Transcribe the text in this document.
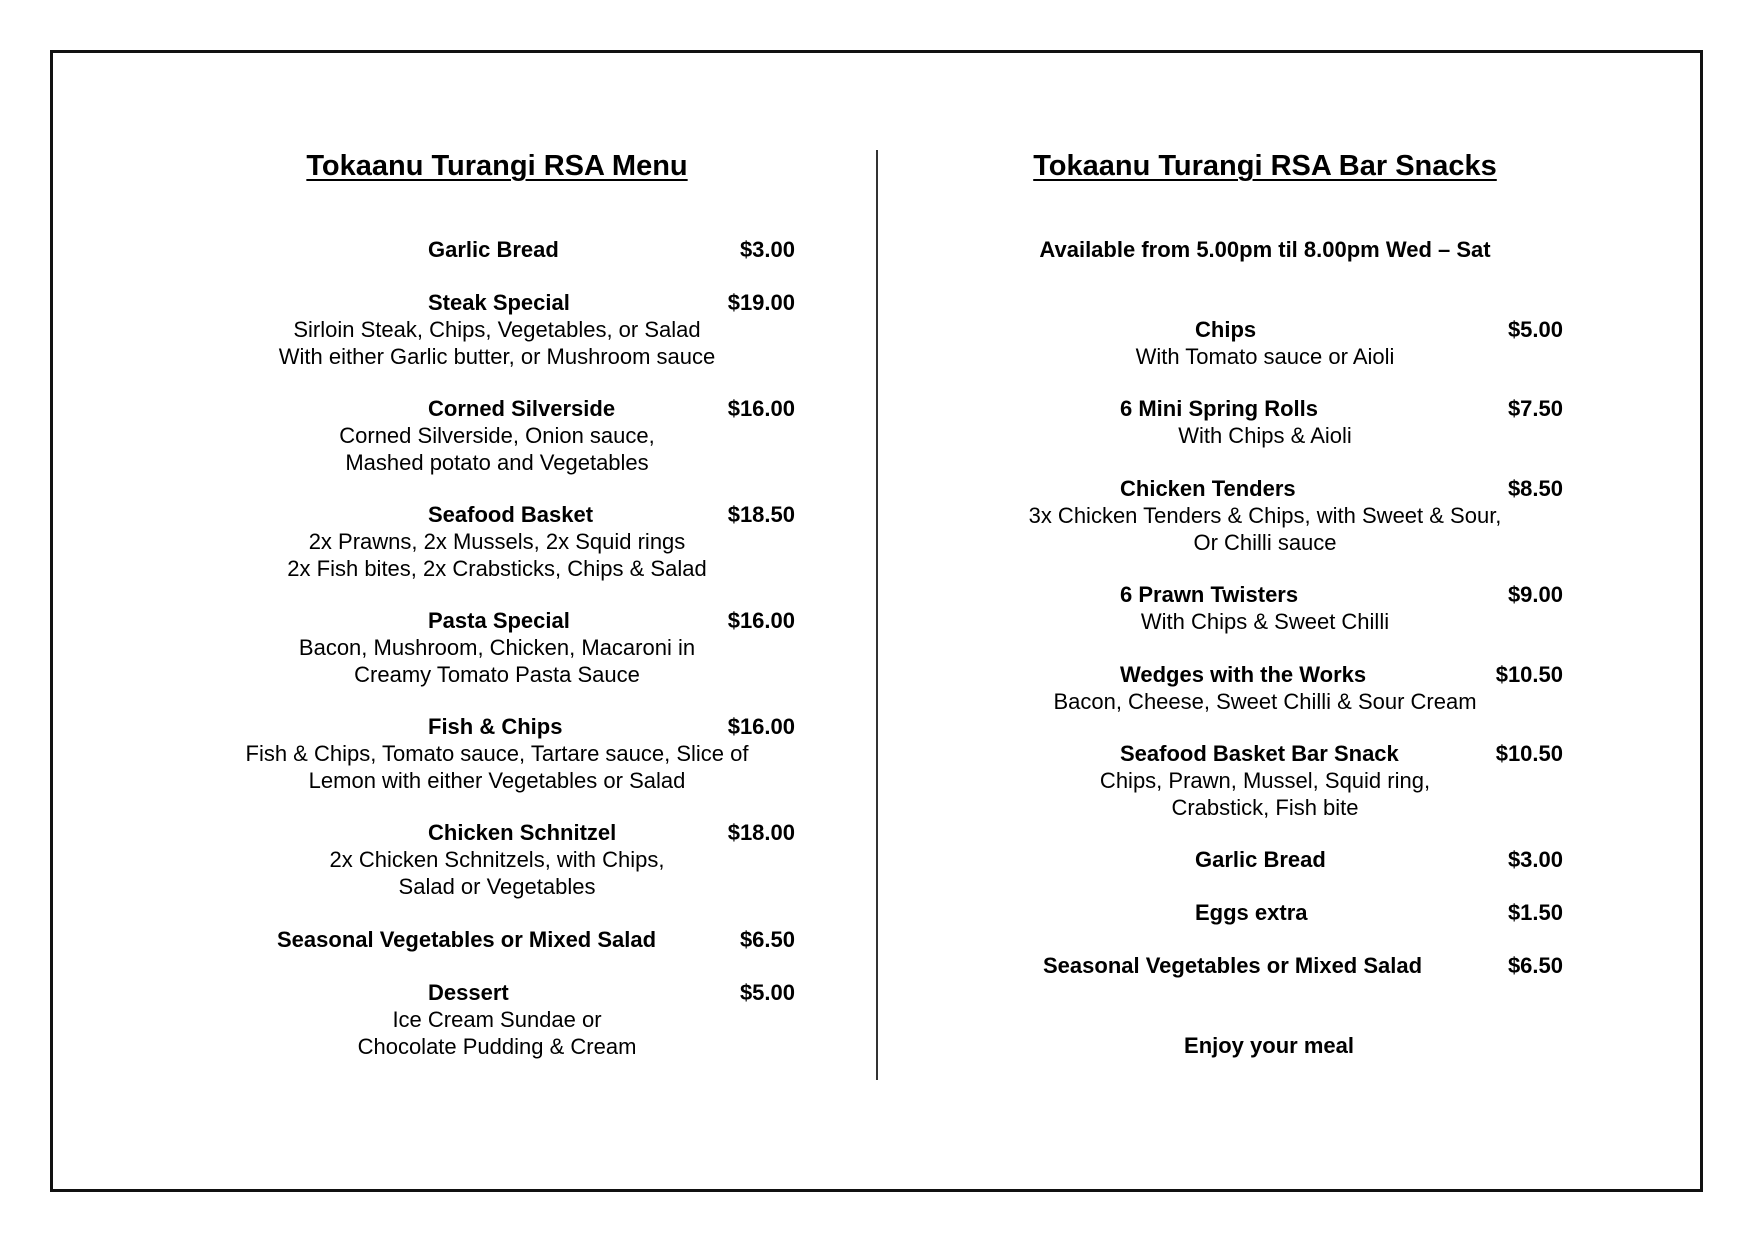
Tokaanu Turangi RSA Menu
Garlic Bread	$3.00
Steak Special	$19.00
Sirloin Steak, Chips, Vegetables, or Salad
With either Garlic butter, or Mushroom sauce
Corned Silverside	$16.00
Corned Silverside, Onion sauce,
Mashed potato and Vegetables
Seafood Basket	$18.50
2x Prawns, 2x Mussels, 2x Squid rings
2x Fish bites, 2x Crabsticks, Chips & Salad
Pasta Special	$16.00
Bacon, Mushroom, Chicken, Macaroni in
Creamy Tomato Pasta Sauce
Fish & Chips	$16.00
Fish & Chips, Tomato sauce, Tartare sauce, Slice of
Lemon with either Vegetables or Salad
Chicken Schnitzel	$18.00
2x Chicken Schnitzels, with Chips,
Salad or Vegetables
Seasonal Vegetables or Mixed Salad	$6.50
Dessert	$5.00
Ice Cream Sundae or
Chocolate Pudding & Cream
Tokaanu Turangi RSA Bar Snacks
Available from 5.00pm til 8.00pm Wed – Sat
Chips	$5.00
With Tomato sauce or Aioli
6 Mini Spring Rolls	$7.50
With Chips & Aioli
Chicken Tenders	$8.50
3x Chicken Tenders & Chips, with Sweet & Sour,
Or Chilli sauce
6 Prawn Twisters	$9.00
With Chips & Sweet Chilli
Wedges with the Works	$10.50
Bacon, Cheese, Sweet Chilli & Sour Cream
Seafood Basket Bar Snack	$10.50
Chips, Prawn, Mussel, Squid ring,
Crabstick, Fish bite
Garlic Bread	$3.00
Eggs extra	$1.50
Seasonal Vegetables or Mixed Salad	$6.50
Enjoy your meal
